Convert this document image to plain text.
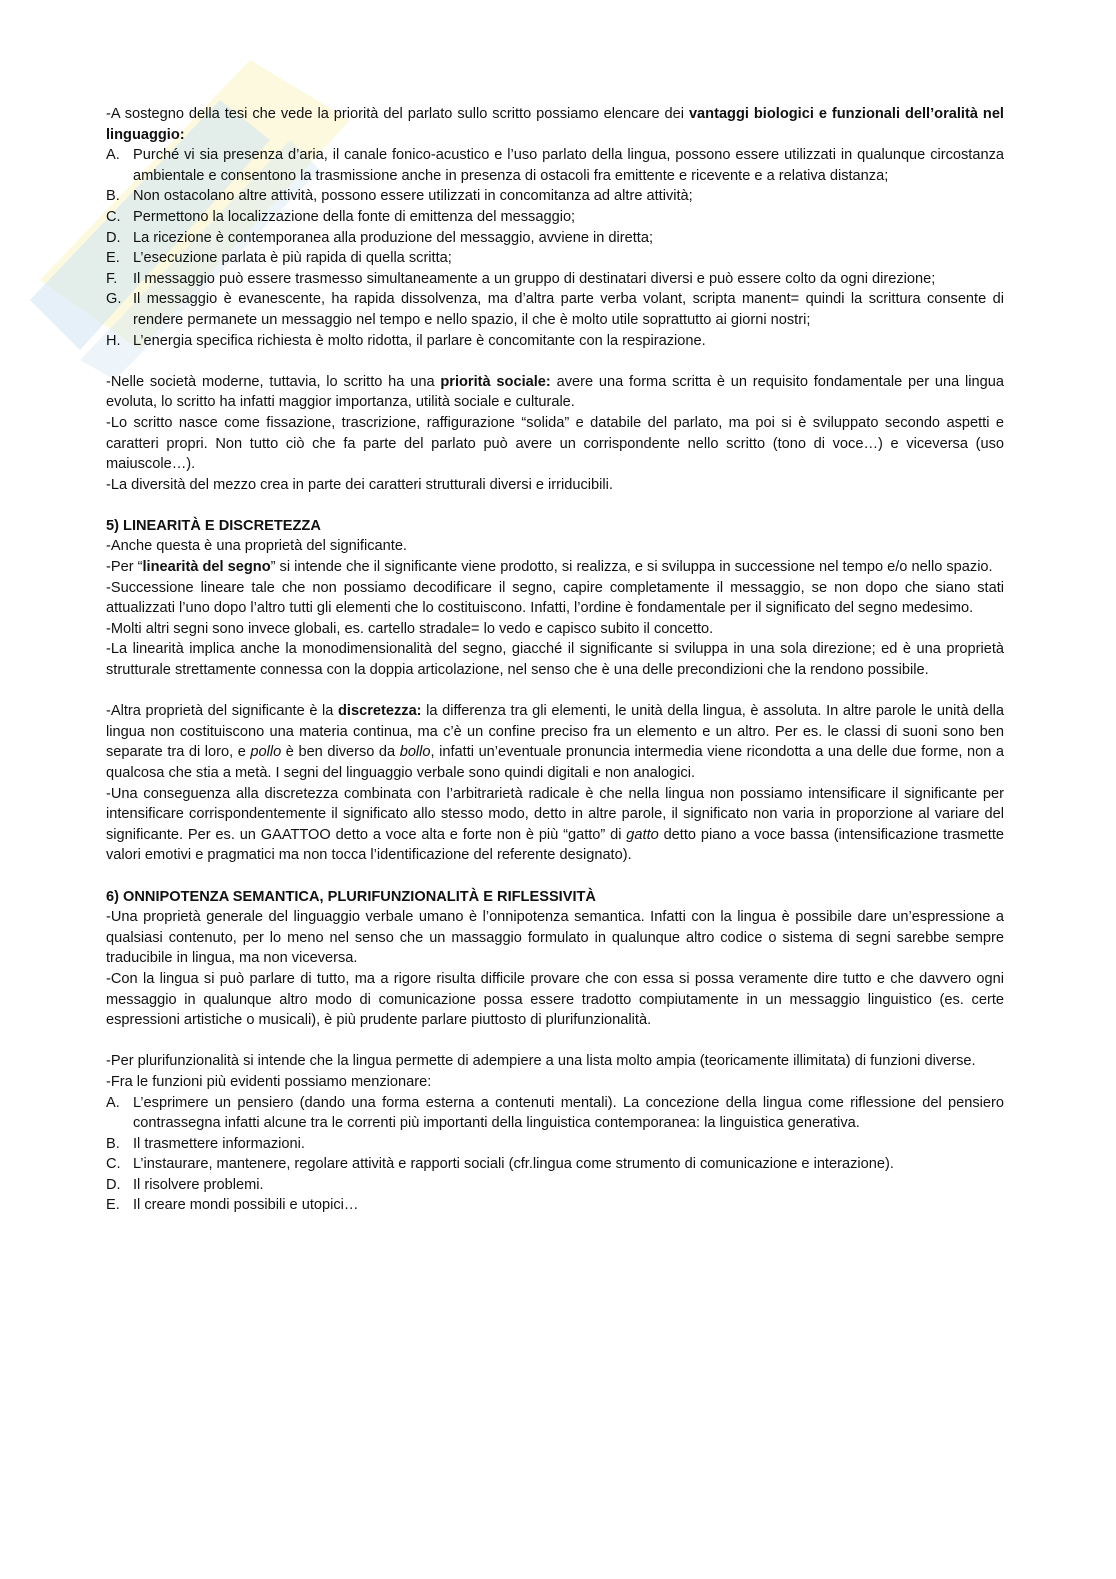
-A sostegno della tesi che vede la priorità del parlato sullo scritto possiamo elencare dei vantaggi biologici e funzionali dell’oralità nel linguaggio:

A. Purché vi sia presenza d’aria, il canale fonico-acustico e l’uso parlato della lingua, possono essere utilizzati in qualunque circostanza ambientale e consentono la trasmissione anche in presenza di ostacoli fra emittente e ricevente e a relativa distanza;
B. Non ostacolano altre attività, possono essere utilizzati in concomitanza ad altre attività;
C. Permettono la localizzazione della fonte di emittenza del messaggio;
D. La ricezione è contemporanea alla produzione del messaggio, avviene in diretta;
E. L’esecuzione parlata è più rapida di quella scritta;
F.	Il messaggio può essere trasmesso simultaneamente a un gruppo di destinatari diversi e può essere colto da ogni direzione;
G. Il messaggio è evanescente, ha rapida dissolvenza, ma d’altra parte verba volant, scripta manent= quindi la scrittura consente di rendere permanete un messaggio nel tempo e nello spazio, il che è molto utile soprattutto ai giorni nostri;
H. L’energia specifica richiesta è molto ridotta, il parlare è concomitante con la respirazione.

-Nelle società moderne, tuttavia, lo scritto ha una priorità sociale: avere una forma scritta è un requisito fondamentale per una lingua evoluta, lo scritto ha infatti maggior importanza, utilità sociale e culturale.

-Lo scritto nasce come fissazione, trascrizione, raffigurazione “solida” e databile del parlato, ma poi si è sviluppato secondo aspetti e caratteri propri. Non tutto ciò che fa parte del parlato può avere un corrispondente nello scritto (tono di voce…) e viceversa (uso maiuscole…).

-La diversità del mezzo crea in parte dei caratteri strutturali diversi e irriducibili.

5) LINEARITÀ E DISCRETEZZA

-Anche questa è una proprietà del significante.

-Per “linearità del segno” si intende che il significante viene prodotto, si realizza, e si sviluppa in successione nel tempo e/o nello spazio.

-Successione lineare tale che non possiamo decodificare il segno, capire completamente il messaggio, se non dopo che siano stati attualizzati l’uno dopo l’altro tutti gli elementi che lo costituiscono. Infatti, l’ordine è fondamentale per il significato del segno medesimo.

-Molti altri segni sono invece globali, es. cartello stradale= lo vedo e capisco subito il concetto.

-La linearità implica anche la monodimensionalità del segno, giacché il significante si sviluppa in una sola direzione; ed è una proprietà strutturale strettamente connessa con la doppia articolazione, nel senso che è una delle precondizioni che la rendono possibile.

-Altra proprietà del significante è la discretezza: la differenza tra gli elementi, le unità della lingua, è assoluta. In altre parole le unità della lingua non costituiscono una materia continua, ma c’è un confine preciso fra un elemento e un altro. Per es. le classi di suoni sono ben separate tra di loro, e pollo è ben diverso da bollo, infatti un’eventuale pronuncia intermedia viene ricondotta a una delle due forme, non a qualcosa che stia a metà. I segni del linguaggio verbale sono quindi digitali e non analogici.

-Una conseguenza alla discretezza combinata con l’arbitrarietà radicale è che nella lingua non possiamo intensificare il significante per intensificare corrispondentemente il significato allo stesso modo, detto in altre parole, il significato non varia in proporzione al variare del significante. Per es. un GAATTOO detto a voce alta e forte non è più “gatto” di gatto detto piano a voce bassa (intensificazione trasmette valori emotivi e pragmatici ma non tocca l’identificazione del referente designato).

6) ONNIPOTENZA SEMANTICA, PLURIFUNZIONALITÀ E RIFLESSIVITÀ

-Una proprietà generale del linguaggio verbale umano è l’onnipotenza semantica. Infatti con la lingua è possibile dare un’espressione a qualsiasi contenuto, per lo meno nel senso che un massaggio formulato in qualunque altro codice o sistema di segni sarebbe sempre traducibile in lingua, ma non viceversa.

-Con la lingua si può parlare di tutto, ma a rigore risulta difficile provare che con essa si possa veramente dire tutto e che davvero ogni messaggio in qualunque altro modo di comunicazione possa essere tradotto compiutamente in un messaggio linguistico (es. certe espressioni artistiche o musicali), è più prudente parlare piuttosto di plurifunzionalità.

-Per plurifunzionalità si intende che la lingua permette di adempiere a una lista molto ampia (teoricamente illimitata) di funzioni diverse.

-Fra le funzioni più evidenti possiamo menzionare:

A. L’esprimere un pensiero (dando una forma esterna a contenuti mentali). La concezione della lingua come riflessione del pensiero contrassegna infatti alcune tra le correnti più importanti della linguistica contemporanea: la linguistica generativa.
B. Il trasmettere informazioni.
C. L’instaurare, mantenere, regolare attività e rapporti sociali (cfr.lingua come strumento di comunicazione e interazione).
D. Il risolvere problemi.
E. Il creare mondi possibili e utopici…
